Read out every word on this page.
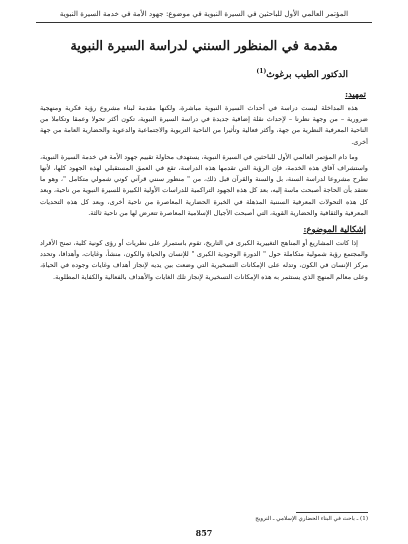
المؤتمر العالمي الأول للباحثين في السيرة النبوية في موضوع: جهود الأمة في خدمة السيرة النبوية
مقدمة في المنظور السنني لدراسة السيرة النبوية
الدكتور الطيب برغوث$^{(1)}$
تمهيد:

هذه المداخلة ليست دراسة في أحداث السيرة النبوية مباشرة، ولكنها مقدمة لبناء مشروع رؤية فكرية ومنهجية ضرورية – من وجهة نظرنا – لإحداث نقلة إضافية جديدة في دراسة السيرة النبوية، تكون أكثر تحولا وعمقا وتكاملا من الناحية المعرفية النظرية من جهة، وأكثر فعالية وتأثيرا من الناحية التربوية والاجتماعية والدعوية والحضارية العامة من جهة أخرى.

وما دام المؤتمر العالمي الأول للباحثين في السيرة النبوية، يستهدف محاولة تقييم جهود الأمة في خدمة السيرة النبوية، واستشراف آفاق هذه الخدمة، فإن الرؤية التي تقدمها هذه الدراسة، تقع في العمق المستقبلي لهذه الجهود كلها، لأنها تطرح مشروعا لدراسة السنة، بل والسنة والقرآن قبل ذلك، من " منظور سنني قرآني كوني شمولي متكامل "، وهو ما نعتقد بأن الحاجة أصبحت ماسة إليه، بعد كل هذه الجهود التراكمية للدراسات الأولية الكبيرة للسيرة النبوية من ناحية، وبعد كل هذه التحولات المعرفية السننية المذهلة في الخبرة الحضارية المعاصرة من ناحية أخرى، وبعد كل هذه التحديات المعرفية والثقافية والحضارية القوية، التي أصبحت الأجيال الإسلامية المعاصرة تتعرض لها من ناحية ثالثة.

إشكالية الموضوع:

إذا كانت المشاريع أو المناهج التغييرية الكبرى في التاريخ، تقوم باستمرار على نظريات أو رؤى كونية كلية، تمنح الأفراد والمجتمع رؤية شمولية متكاملة حول " الدورة الوجودية الكبرى " للإنسان والحياة والكون، منشأ، وغايات، وأهدافا، وتحدد مركز الإنسان في الكون، وتدله على الإمكانات التسخيرية التي وضعت بين يديه لإنجاز أهداف وغايات وجوده في الحياة، وعلى معالم المنهج الذي يستثمر به هذه الإمكانات التسخيرية لإنجاز تلك الغايات والأهداف بالفعالية والكفاية المطلوبة.

(1) ـ باحث في البناء الحضاري الإسلامي ـ النرويج
857
